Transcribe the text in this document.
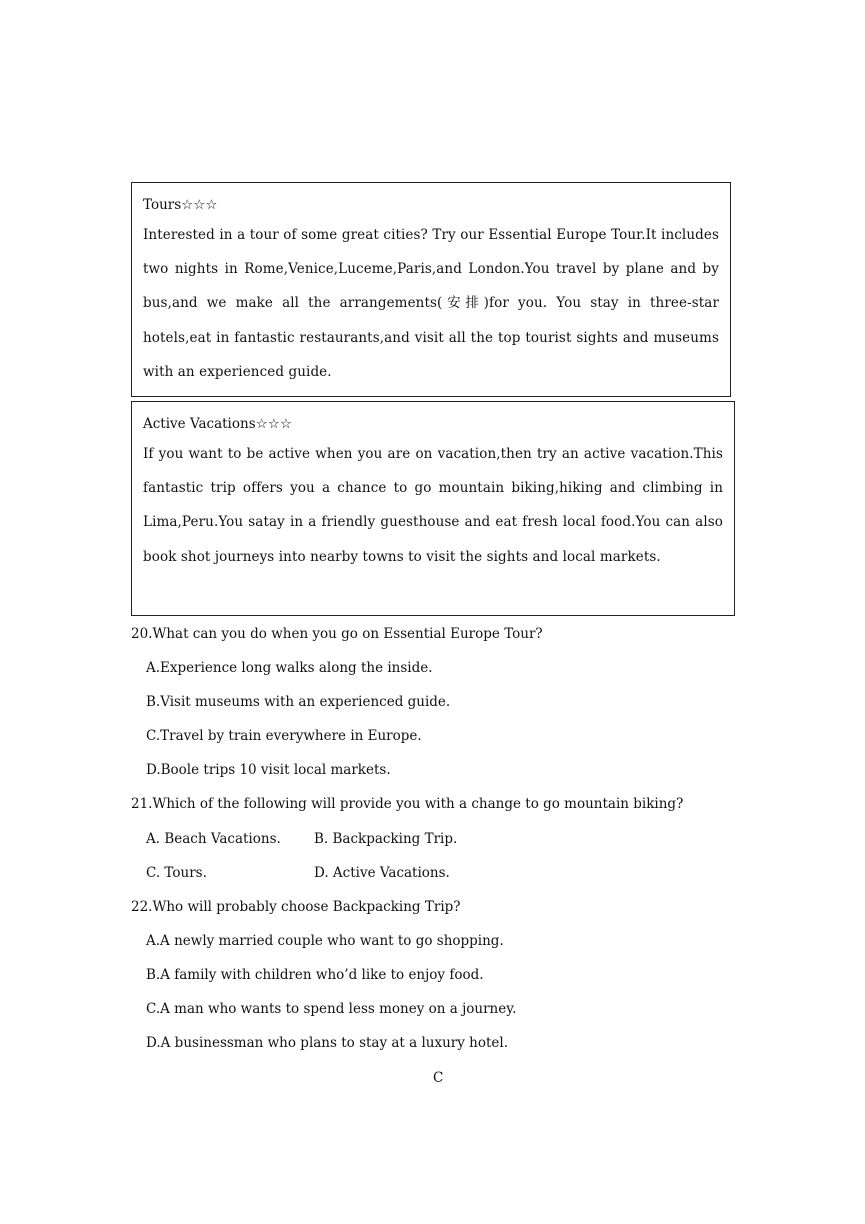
Tours☆☆☆
Interested in a tour of some great cities? Try our Essential Europe Tour.It includes two nights in Rome,Venice,Luceme,Paris,and London.You travel by plane and by bus,and we make all the arrangements(安排)for you. You stay in three-star hotels,eat in fantastic restaurants,and visit all the top tourist sights and museums with an experienced guide.
Active Vacations☆☆☆
If you want to be active when you are on vacation,then try an active vacation.This fantastic trip offers you a chance to go mountain biking,hiking and climbing in Lima,Peru.You satay in a friendly guesthouse and eat fresh local food.You can also book shot journeys into nearby towns to visit the sights and local markets.
20.What can you do when you go on Essential Europe Tour?
A.Experience long walks along the inside.
B.Visit museums with an experienced guide.
C.Travel by train everywhere in Europe.
D.Boole trips 10 visit local markets.
21.Which of the following will provide you with a change to go mountain biking?
A. Beach Vacations. B. Backpacking Trip.
C. Tours.	D. Active Vacations.
22.Who will probably choose Backpacking Trip?
A.A newly married couple who want to go shopping.
B.A family with children who’d like to enjoy food.
C.A man who wants to spend less money on a journey.
D.A businessman who plans to stay at a luxury hotel.
C
